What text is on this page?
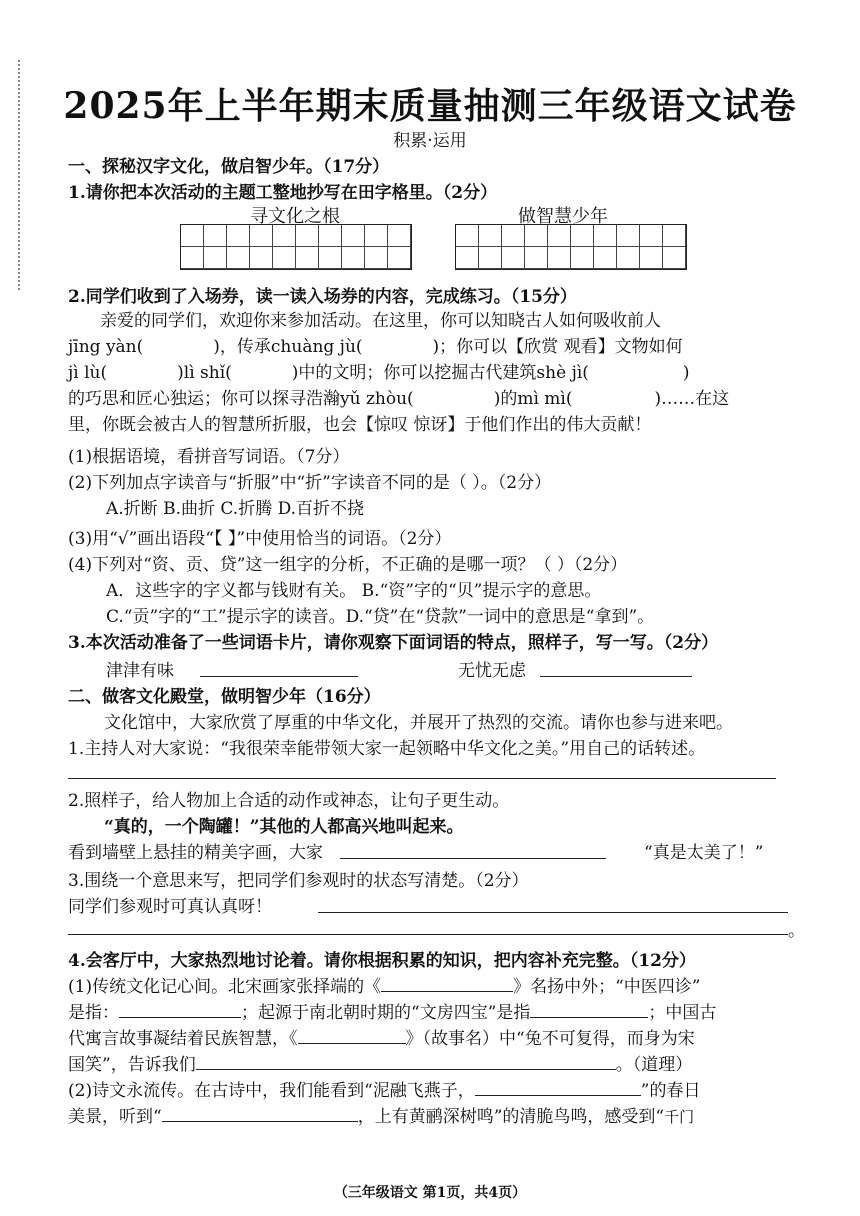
2025年上半年期末质量抽测三年级语文试卷
积累·运用
一、探秘汉字文化，做启智少年。（17分）
1.请你把本次活动的主题工整地抄写在田字格里。（2分）
寻文化之根	做智慧少年
2.同学们收到了入场券，读一读入场券的内容，完成练习。（15分）
亲爱的同学们，欢迎你来参加活动。在这里，你可以知晓古人如何吸收前人
jīng yàn(	)，传承chuàng jù(	)；你可以【欣赏 观看】文物如何
jì lù(	)lì shǐ(	)中的文明；你可以挖掘古代建筑shè jì(	)
的巧思和匠心独运；你可以探寻浩瀚yǔ zhòu(	)的mì mì(	)……在这
里，你既会被古人的智慧所折服，也会【惊叹 惊讶】于他们作出的伟大贡献！
(1)根据语境，看拼音写词语。（7分）
(2)下列加点字读音与“折服”中“折”字读音不同的是（ ）。（2分）
A.折断 B.曲折 C.折腾 D.百折不挠
(3)用“√”画出语段“【 】”中使用恰当的词语。（2分）
(4)下列对“资、贡、贷”这一组字的分析，不正确的是哪一项？（ ）（2分）
A．这些字的字义都与钱财有关。 B.“资”字的“贝”提示字的意思。
C.“贡”字的“工”提示字的读音。D.“贷”在“贷款”一词中的意思是“拿到”。
3.本次活动准备了一些词语卡片，请你观察下面词语的特点，照样子，写一写。（2分）
津津有味	无忧无虑
二、做客文化殿堂，做明智少年（16分）
文化馆中，大家欣赏了厚重的中华文化，并展开了热烈的交流。请你也参与进来吧。
1.主持人对大家说：“我很荣幸能带领大家一起领略中华文化之美。”用自己的话转述。
2.照样子，给人物加上合适的动作或神态，让句子更生动。
“真的，一个陶罐！”其他的人都高兴地叫起来。
看到墙壁上悬挂的精美字画，大家	“真是太美了！”
3.围绕一个意思来写，把同学们参观时的状态写清楚。（2分）
同学们参观时可真认真呀！
。
4.会客厅中，大家热烈地讨论着。请你根据积累的知识，把内容补充完整。（12分）
(1)传统文化记心间。北宋画家张择端的《	》名扬中外；“中医四诊”
是指：	；起源于南北朝时期的“文房四宝”是指	；中国古
代寓言故事凝结着民族智慧，《	》（故事名）中“兔不可复得，而身为宋
国笑”，告诉我们	。（道理）
(2)诗文永流传。在古诗中，我们能看到“泥融飞燕子，	”的春日
美景，听到“	，上有黄鹂深树鸣”的清脆鸟鸣，感受到“千门
（三年级语文 第1页，共4页）
